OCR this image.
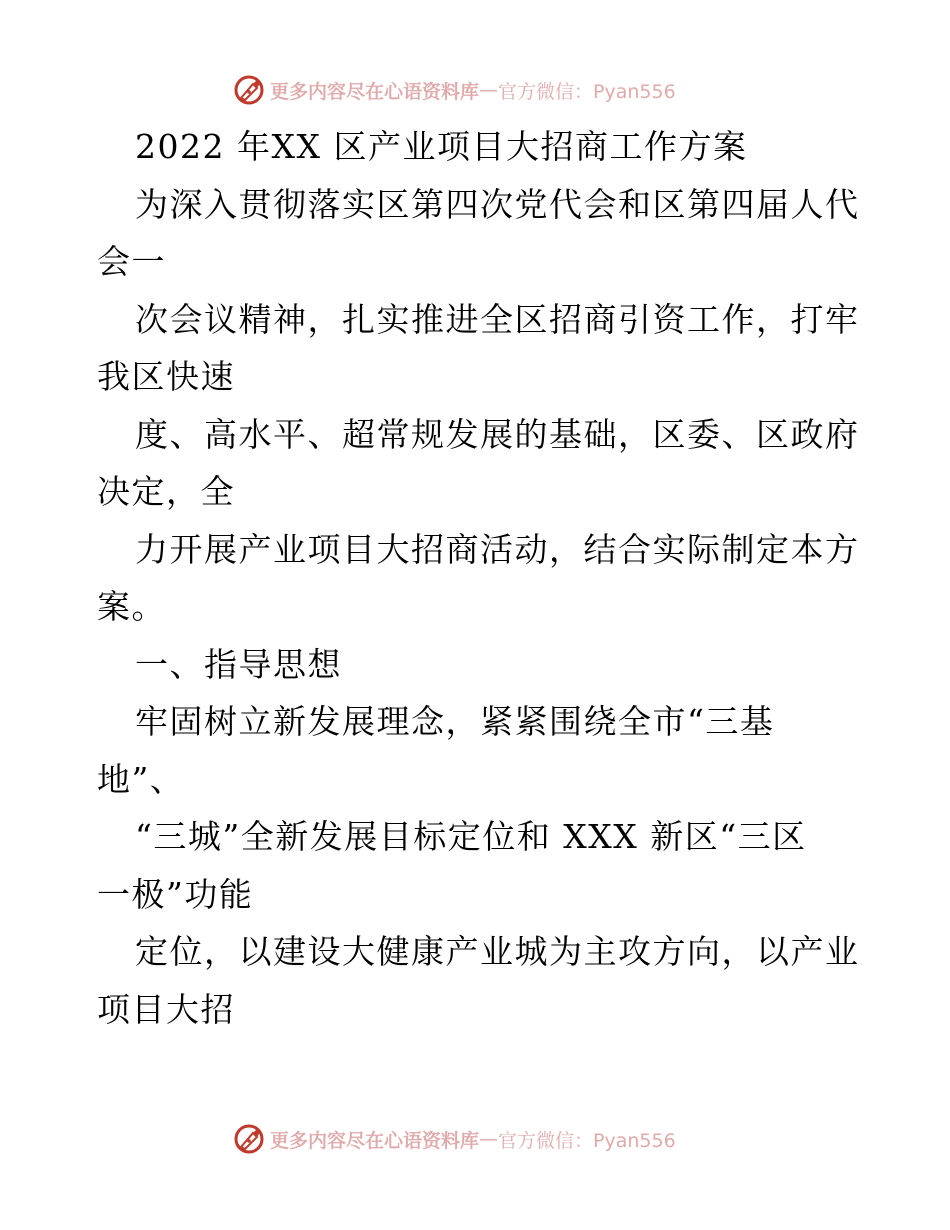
更多内容尽在心语资料库 — 官方微信：Pyan556
2022 年XX 区产业项目大招商工作方案
为深入贯彻落实区第四次党代会和区第四届人代
会一
次会议精神，扎实推进全区招商引资工作，打牢
我区快速
度、高水平、超常规发展的基础，区委、区政府
决定，全
力开展产业项目大招商活动，结合实际制定本方
案。
一、指导思想
牢固树立新发展理念，紧紧围绕全市“三基
地”、
“三城”全新发展目标定位和 XXX 新区“三区
一极”功能
定位，以建设大健康产业城为主攻方向，以产业
项目大招
更多内容尽在心语资料库 — 官方微信：Pyan556
